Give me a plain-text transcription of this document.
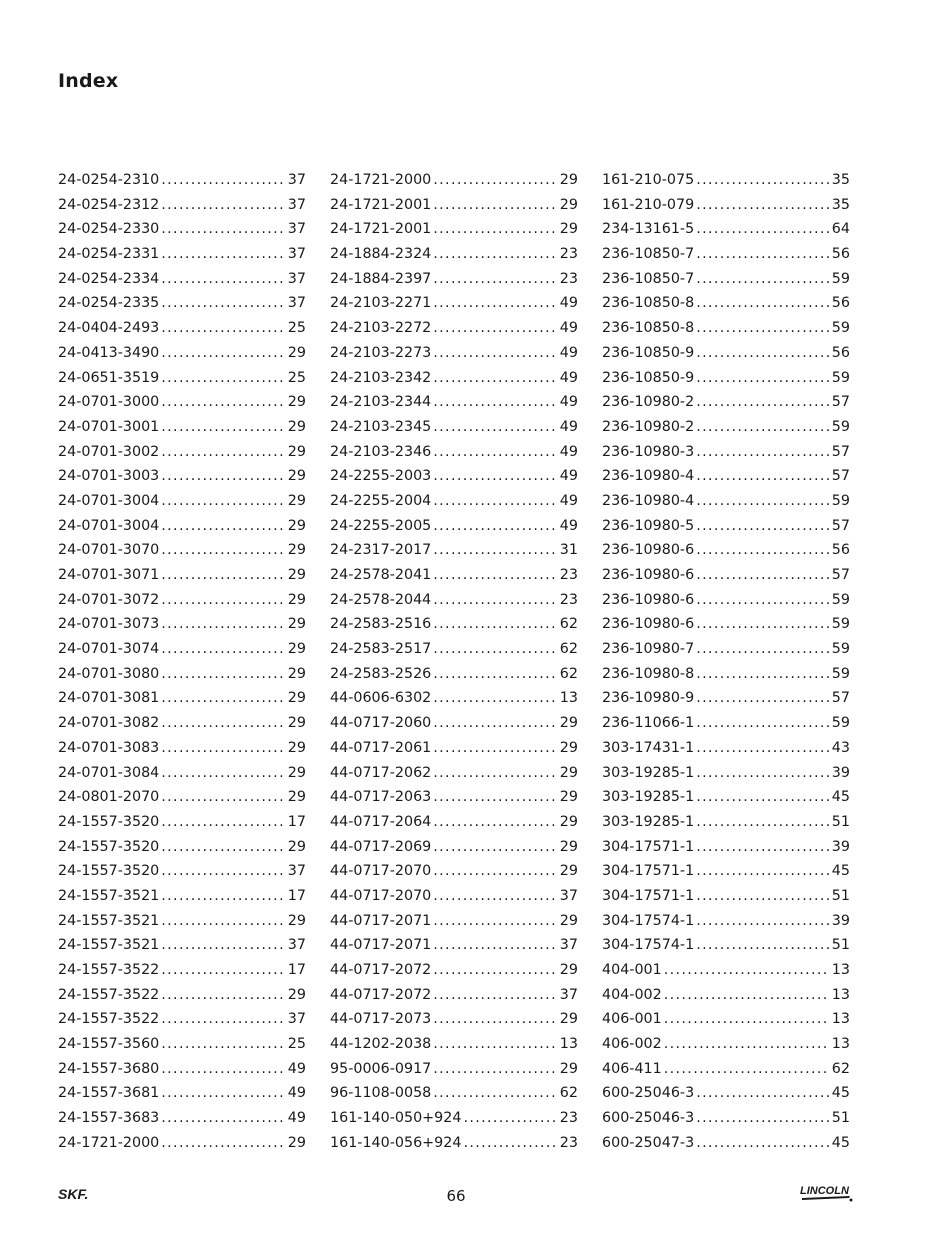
Index
24-0254-2310 . . .	37
24-0254-2312 . . .	37
24-0254-2330 . . .	37
24-0254-2331 . . .	37
24-0254-2334 . . .	37
24-0254-2335 . . .	37
24-0404-2493 . . .	25
24-0413-3490 . . .	29
24-0651-3519 . . .	25
24-0701-3000 . . .	29
24-0701-3001 . . .	29
24-0701-3002 . . .	29
24-0701-3003 . . .	29
24-0701-3004 . . .	29
24-0701-3004 . . .	29
24-0701-3070 . . .	29
24-0701-3071 . . .	29
24-0701-3072 . . .	29
24-0701-3073 . . .	29
24-0701-3074 . . .	29
24-0701-3080 . . .	29
24-0701-3081 . . .	29
24-0701-3082 . . .	29
24-0701-3083 . . .	29
24-0701-3084 . . .	29
24-0801-2070 . . .	29
24-1557-3520 . . .	17
24-1557-3520 . . .	29
24-1557-3520 . . .	37
24-1557-3521 . . .	17
24-1557-3521 . . .	29
24-1557-3521 . . .	37
24-1557-3522 . . .	17
24-1557-3522 . . .	29
24-1557-3522 . . .	37
24-1557-3560 . . .	25
24-1557-3680 . . .	49
24-1557-3681 . . .	49
24-1557-3683 . . .	49
24-1721-2000 . . .	29
24-1721-2000 . . .	29
24-1721-2001 . . .	29
24-1721-2001 . . .	29
24-1884-2324 . . .	23
24-1884-2397 . . .	23
24-2103-2271 . . .	49
24-2103-2272 . . .	49
24-2103-2273 . . .	49
24-2103-2342 . . .	49
24-2103-2344 . . .	49
24-2103-2345 . . .	49
24-2103-2346 . . .	49
24-2255-2003 . . .	49
24-2255-2004 . . .	49
24-2255-2005 . . .	49
24-2317-2017 . . .	31
24-2578-2041 . . .	23
24-2578-2044 . . .	23
24-2583-2516 . . .	62
24-2583-2517 . . .	62
24-2583-2526 . . .	62
44-0606-6302 . . .	13
44-0717-2060 . . .	29
44-0717-2061 . . .	29
44-0717-2062 . . .	29
44-0717-2063 . . .	29
44-0717-2064 . . .	29
44-0717-2069 . . .	29
44-0717-2070 . . .	29
44-0717-2070 . . .	37
44-0717-2071 . . .	29
44-0717-2071 . . .	37
44-0717-2072 . . .	29
44-0717-2072 . . .	37
44-0717-2073 . . .	29
44-1202-2038 . . .	13
95-0006-0917 . . .	29
96-1108-0058 . . .	62
161-140-050+924 . . .	23
161-140-056+924 . . .	23
161-210-075 . . .	35
161-210-079 . . .	35
234-13161-5 . . .	64
236-10850-7 . . .	56
236-10850-7 . . .	59
236-10850-8 . . .	56
236-10850-8 . . .	59
236-10850-9 . . .	56
236-10850-9 . . .	59
236-10980-2 . . .	57
236-10980-2 . . .	59
236-10980-3 . . .	57
236-10980-4 . . .	57
236-10980-4 . . .	59
236-10980-5 . . .	57
236-10980-6 . . .	56
236-10980-6 . . .	57
236-10980-6 . . .	59
236-10980-6 . . .	59
236-10980-7 . . .	59
236-10980-8 . . .	59
236-10980-9 . . .	57
236-11066-1 . . .	59
303-17431-1 . . .	43
303-19285-1 . . .	39
303-19285-1 . . .	45
303-19285-1 . . .	51
304-17571-1 . . .	39
304-17571-1 . . .	45
304-17571-1 . . .	51
304-17574-1 . . .	39
304-17574-1 . . .	51
404-001 . . .	13
404-002 . . .	13
406-001 . . .	13
406-002 . . .	13
406-411 . . .	62
600-25046-3 . . .	45
600-25046-3 . . .	51
600-25047-3 . . .	45
SKF.	66	LINCOLN
